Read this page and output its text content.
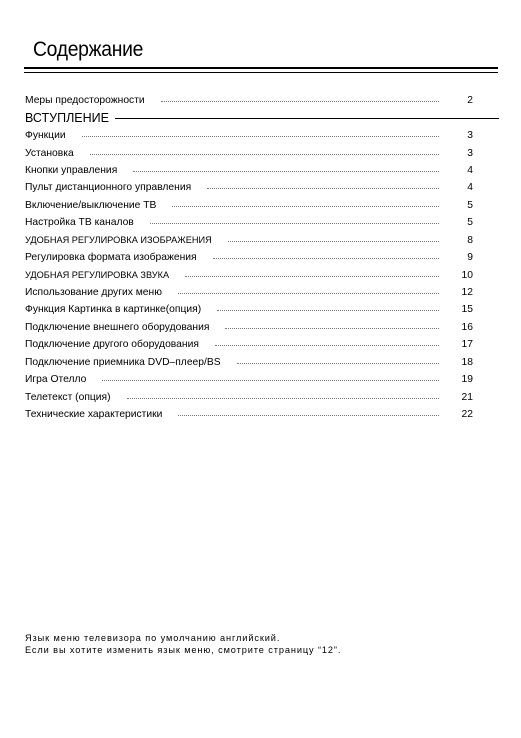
Содержание
Меры предосторожности	2
ВСТУПЛЕНИЕ
Функции	3
Установка	3
Кнопки управления	4
Пульт дистанционного управления	4
Включение/выключение ТВ	5
Настройка ТВ каналов	5
УДОБНАЯ РЕГУЛИРОВКА ИЗОБРАЖЕНИЯ	8
Регулировка формата изображения	9
УДОБНАЯ РЕГУЛИРОВКА ЗВУКА	10
Использование других меню	12
Функция Картинка в картинке(опция)	15
Подключение внешнего оборудования	16
Подключение другого оборудования	17
Подключение приемника DVD–плеер/BS	18
Игра Отелло	19
Телетекст (опция)	21
Технические характеристики	22
Язык меню телевизора по умолчанию английский.
Если вы хотите изменить язык меню, смотрите страницу “12”.
